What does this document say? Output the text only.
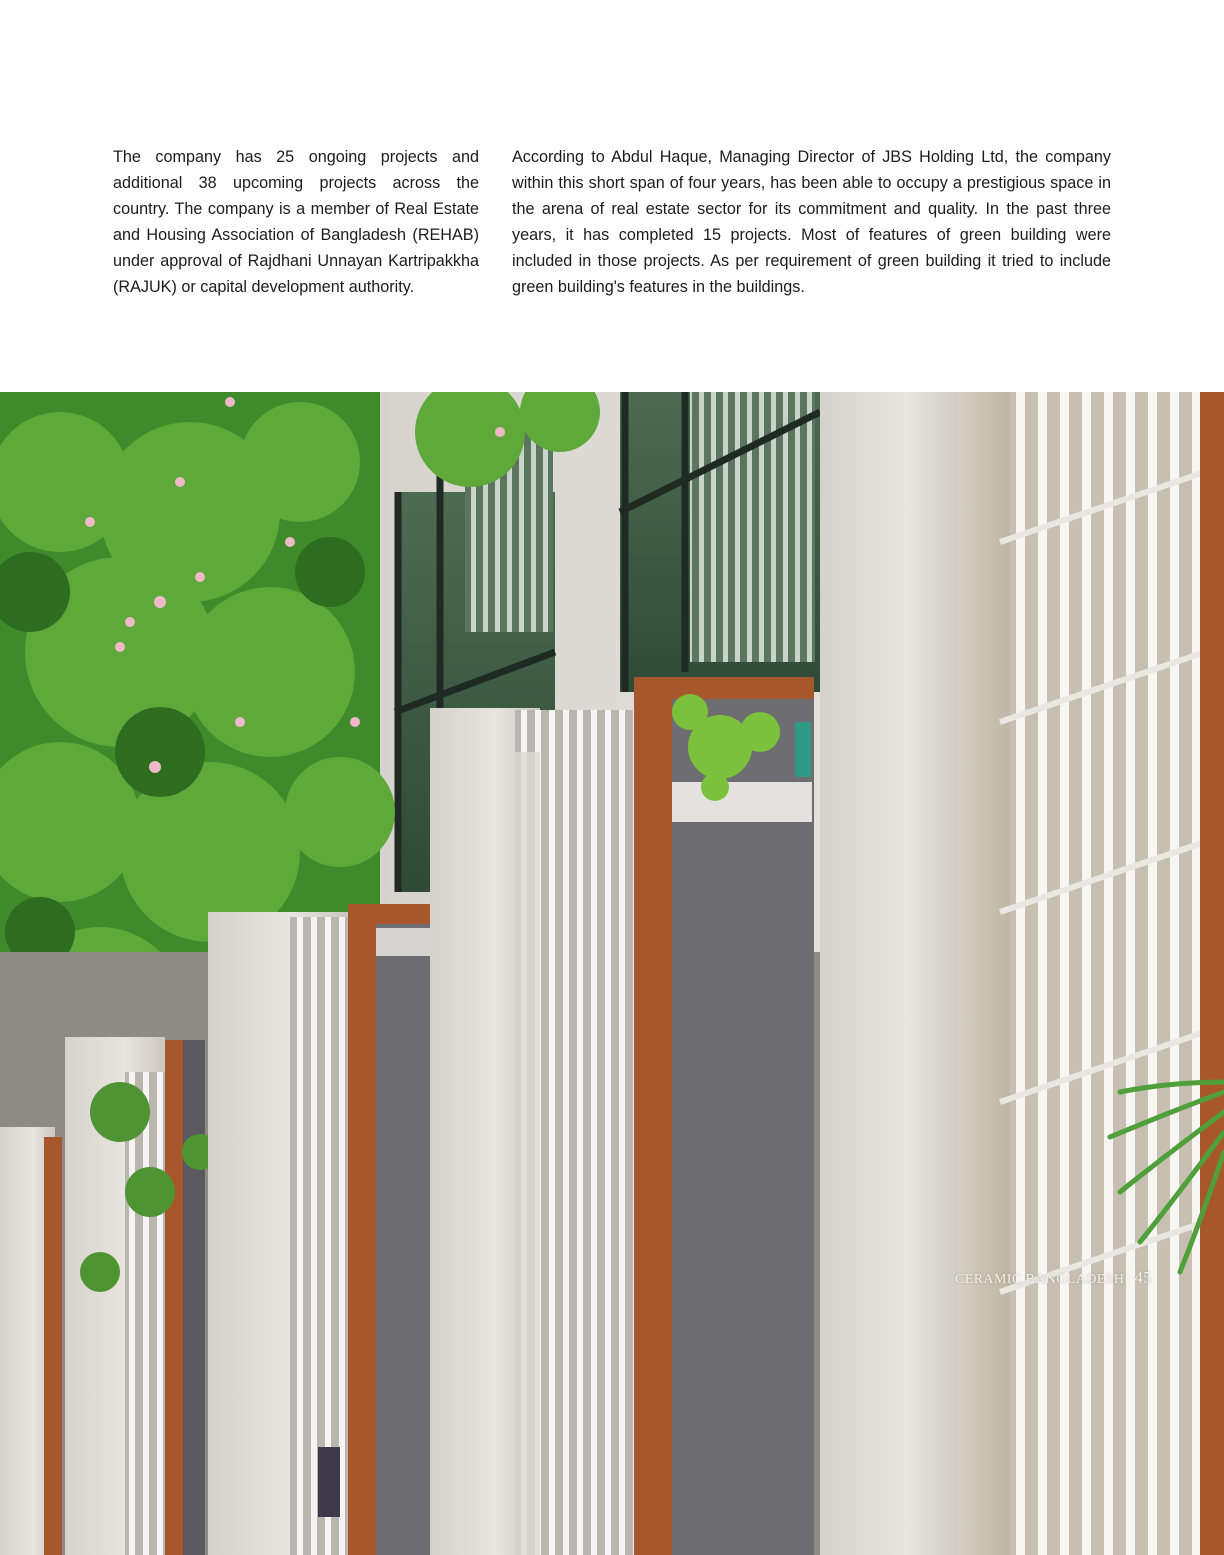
The company has 25 ongoing projects and additional 38 upcoming projects across the country. The company is a member of Real Estate and Housing Association of Bangladesh (REHAB) under approval of Rajdhani Unnayan Kartripakkha (RAJUK) or capital development authority.

According to Abdul Haque, Managing Director of JBS Holding Ltd, the company within this short span of four years, has been able to occupy a prestigious space in the arena of real estate sector for its commitment and quality. In the past three years, it has completed 15 projects. Most of features of green building were included in those projects. As per requirement of green building it tried to include green building's features in the buildings.

CERAMIC BANGLADESH 45
